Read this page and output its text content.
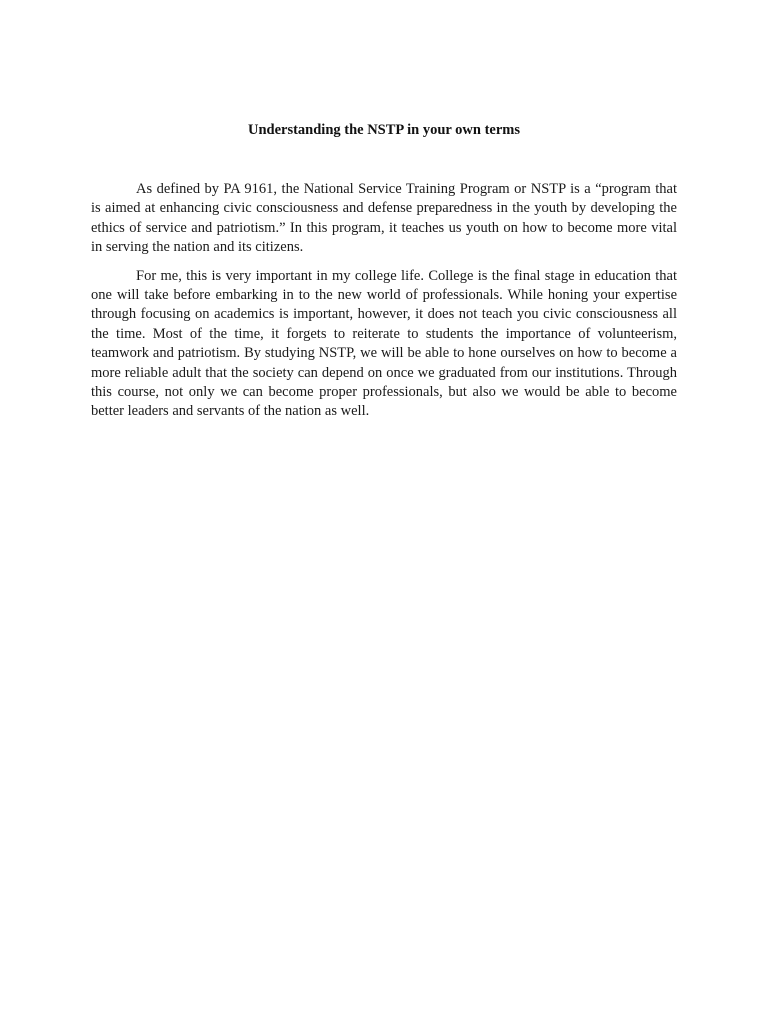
Understanding the NSTP in your own terms

As defined by PA 9161, the National Service Training Program or NSTP is a “program that is aimed at enhancing civic consciousness and defense preparedness in the youth by developing the ethics of service and patriotism.” In this program, it teaches us youth on how to become more vital in serving the nation and its citizens.

For me, this is very important in my college life. College is the final stage in education that one will take before embarking in to the new world of professionals. While honing your expertise through focusing on academics is important, however, it does not teach you civic consciousness all the time. Most of the time, it forgets to reiterate to students the importance of volunteerism, teamwork and patriotism. By studying NSTP, we will be able to hone ourselves on how to become a more reliable adult that the society can depend on once we graduated from our institutions. Through this course, not only we can become proper professionals, but also we would be able to become better leaders and servants of the nation as well.
